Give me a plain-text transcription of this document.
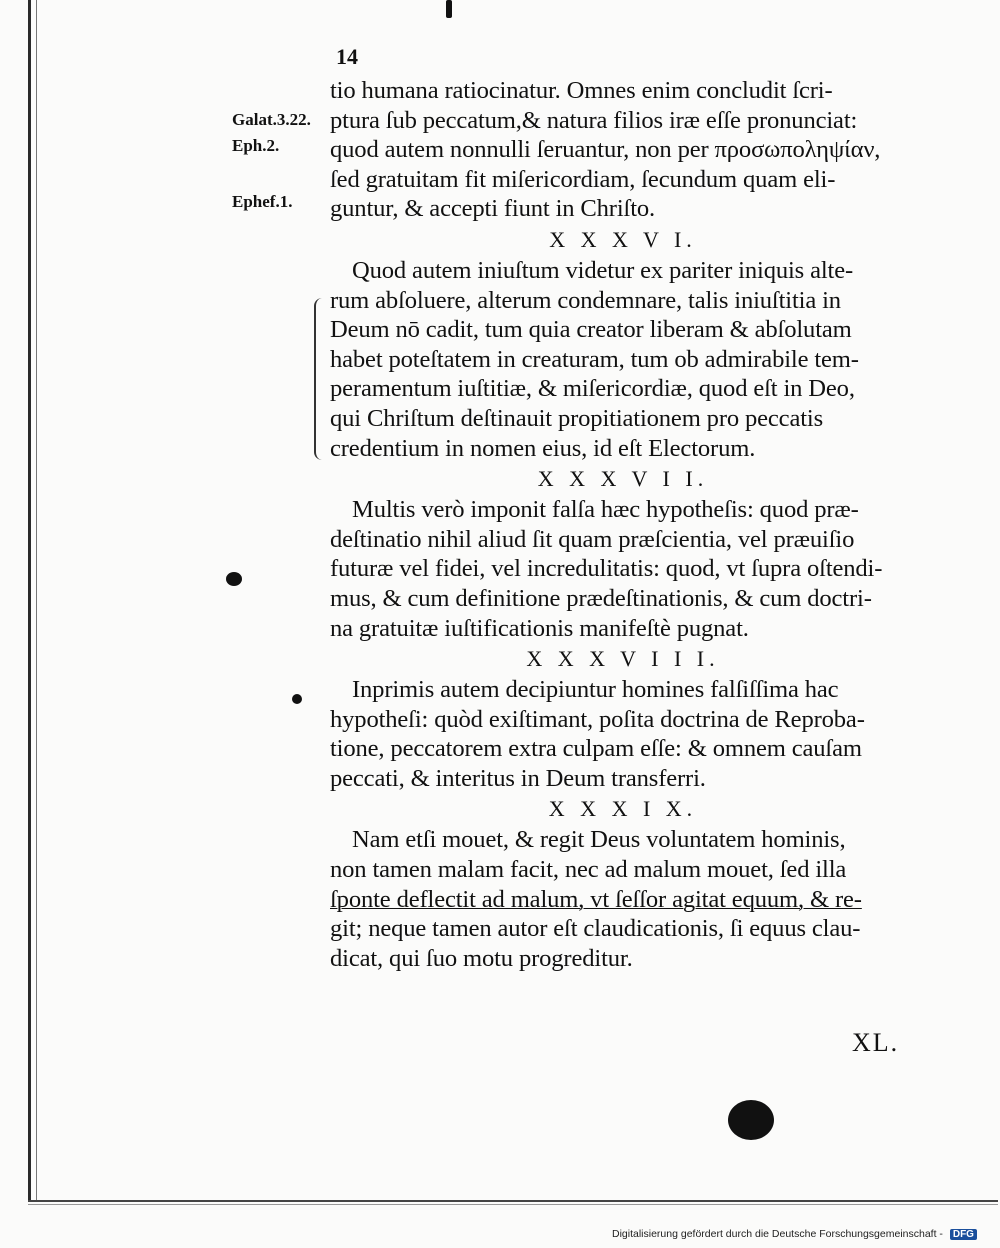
14
Galat.3.22.
Eph.2.
Ephef.1.
tio humana ratiocinatur. Omnes enim concludit ſcri-
ptura ſub peccatum,& natura filios iræ eſſe pronunciat:
quod autem nonnulli ſeruantur, non per προσωποληψίαν,
ſed gratuitam fit miſericordiam, ſecundum quam eli-
guntur, & accepti fiunt in Chriſto.
X X X V I.
Quod autem iniuſtum videtur ex pariter iniquis alte-
rum abſoluere, alterum condemnare, talis iniuſtitia in
Deum nō cadit, tum quia creator liberam & abſolutam
habet poteſtatem in creaturam, tum ob admirabile tem-
peramentum iuſtitiæ, & miſericordiæ, quod eſt in Deo,
qui Chriſtum deſtinauit propitiationem pro peccatis
credentium in nomen eius, id eſt Electorum.
X X X V I I.
Multis verò imponit falſa hæc hypotheſis: quod præ-
deſtinatio nihil aliud ſit quam præſcientia, vel præuiſio
futuræ vel fidei, vel incredulitatis: quod, vt ſupra oſtendi-
mus, & cum definitione prædeſtinationis, & cum doctri-
na gratuitæ iuſtificationis manifeſtè pugnat.
X X X V I I I.
Inprimis autem decipiuntur homines falſiſſima hac
hypotheſi: quòd exiſtimant, poſita doctrina de Reproba-
tione, peccatorem extra culpam eſſe: & omnem cauſam
peccati, & interitus in Deum transferri.
X X X I X.
Nam etſi mouet, & regit Deus voluntatem hominis,
non tamen malam facit, nec ad malum mouet, ſed illa
ſponte deflectit ad malum, vt ſeſſor agitat equum, & re-
git; neque tamen autor eſt claudicationis, ſi equus clau-
dicat, qui ſuo motu progreditur.
XL.
Digitalisierung gefördert durch die Deutsche Forschungsgemeinschaft - DFG
